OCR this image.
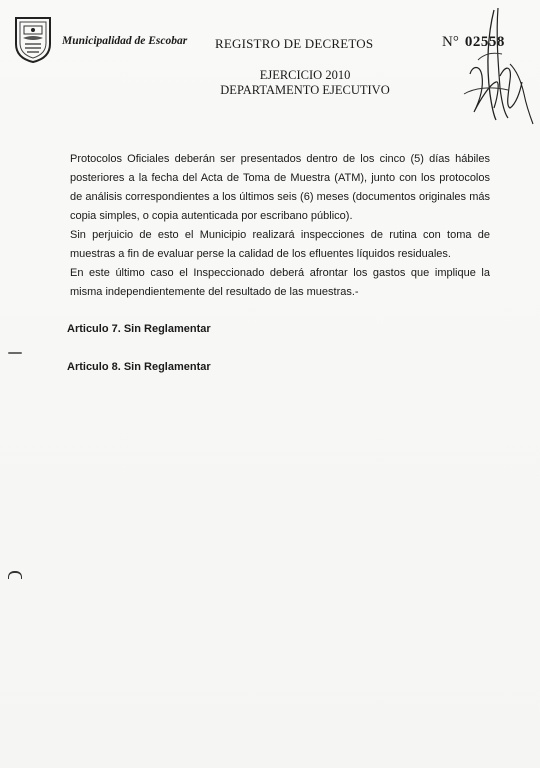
Municipalidad de Escobar REGISTRO DE DECRETOS	N° 02558
EJERCICIO 2010
DEPARTAMENTO EJECUTIVO

Protocolos Oficiales deberán ser presentados dentro de los cinco (5) días hábiles posteriores a la fecha del Acta de Toma de Muestra (ATM), junto con los protocolos de análisis correspondientes a los últimos seis (6) meses (documentos originales más copia simples, o copia autenticada por escribano público).

Sin perjuicio de esto el Municipio realizará inspecciones de rutina con toma de muestras a fin de evaluar perse la calidad de los efluentes líquidos residuales.

En este último caso el Inspeccionado deberá afrontar los gastos que implique la misma independientemente del resultado de las muestras.-

Articulo 7. Sin Reglamentar
Articulo 8. Sin Reglamentar
